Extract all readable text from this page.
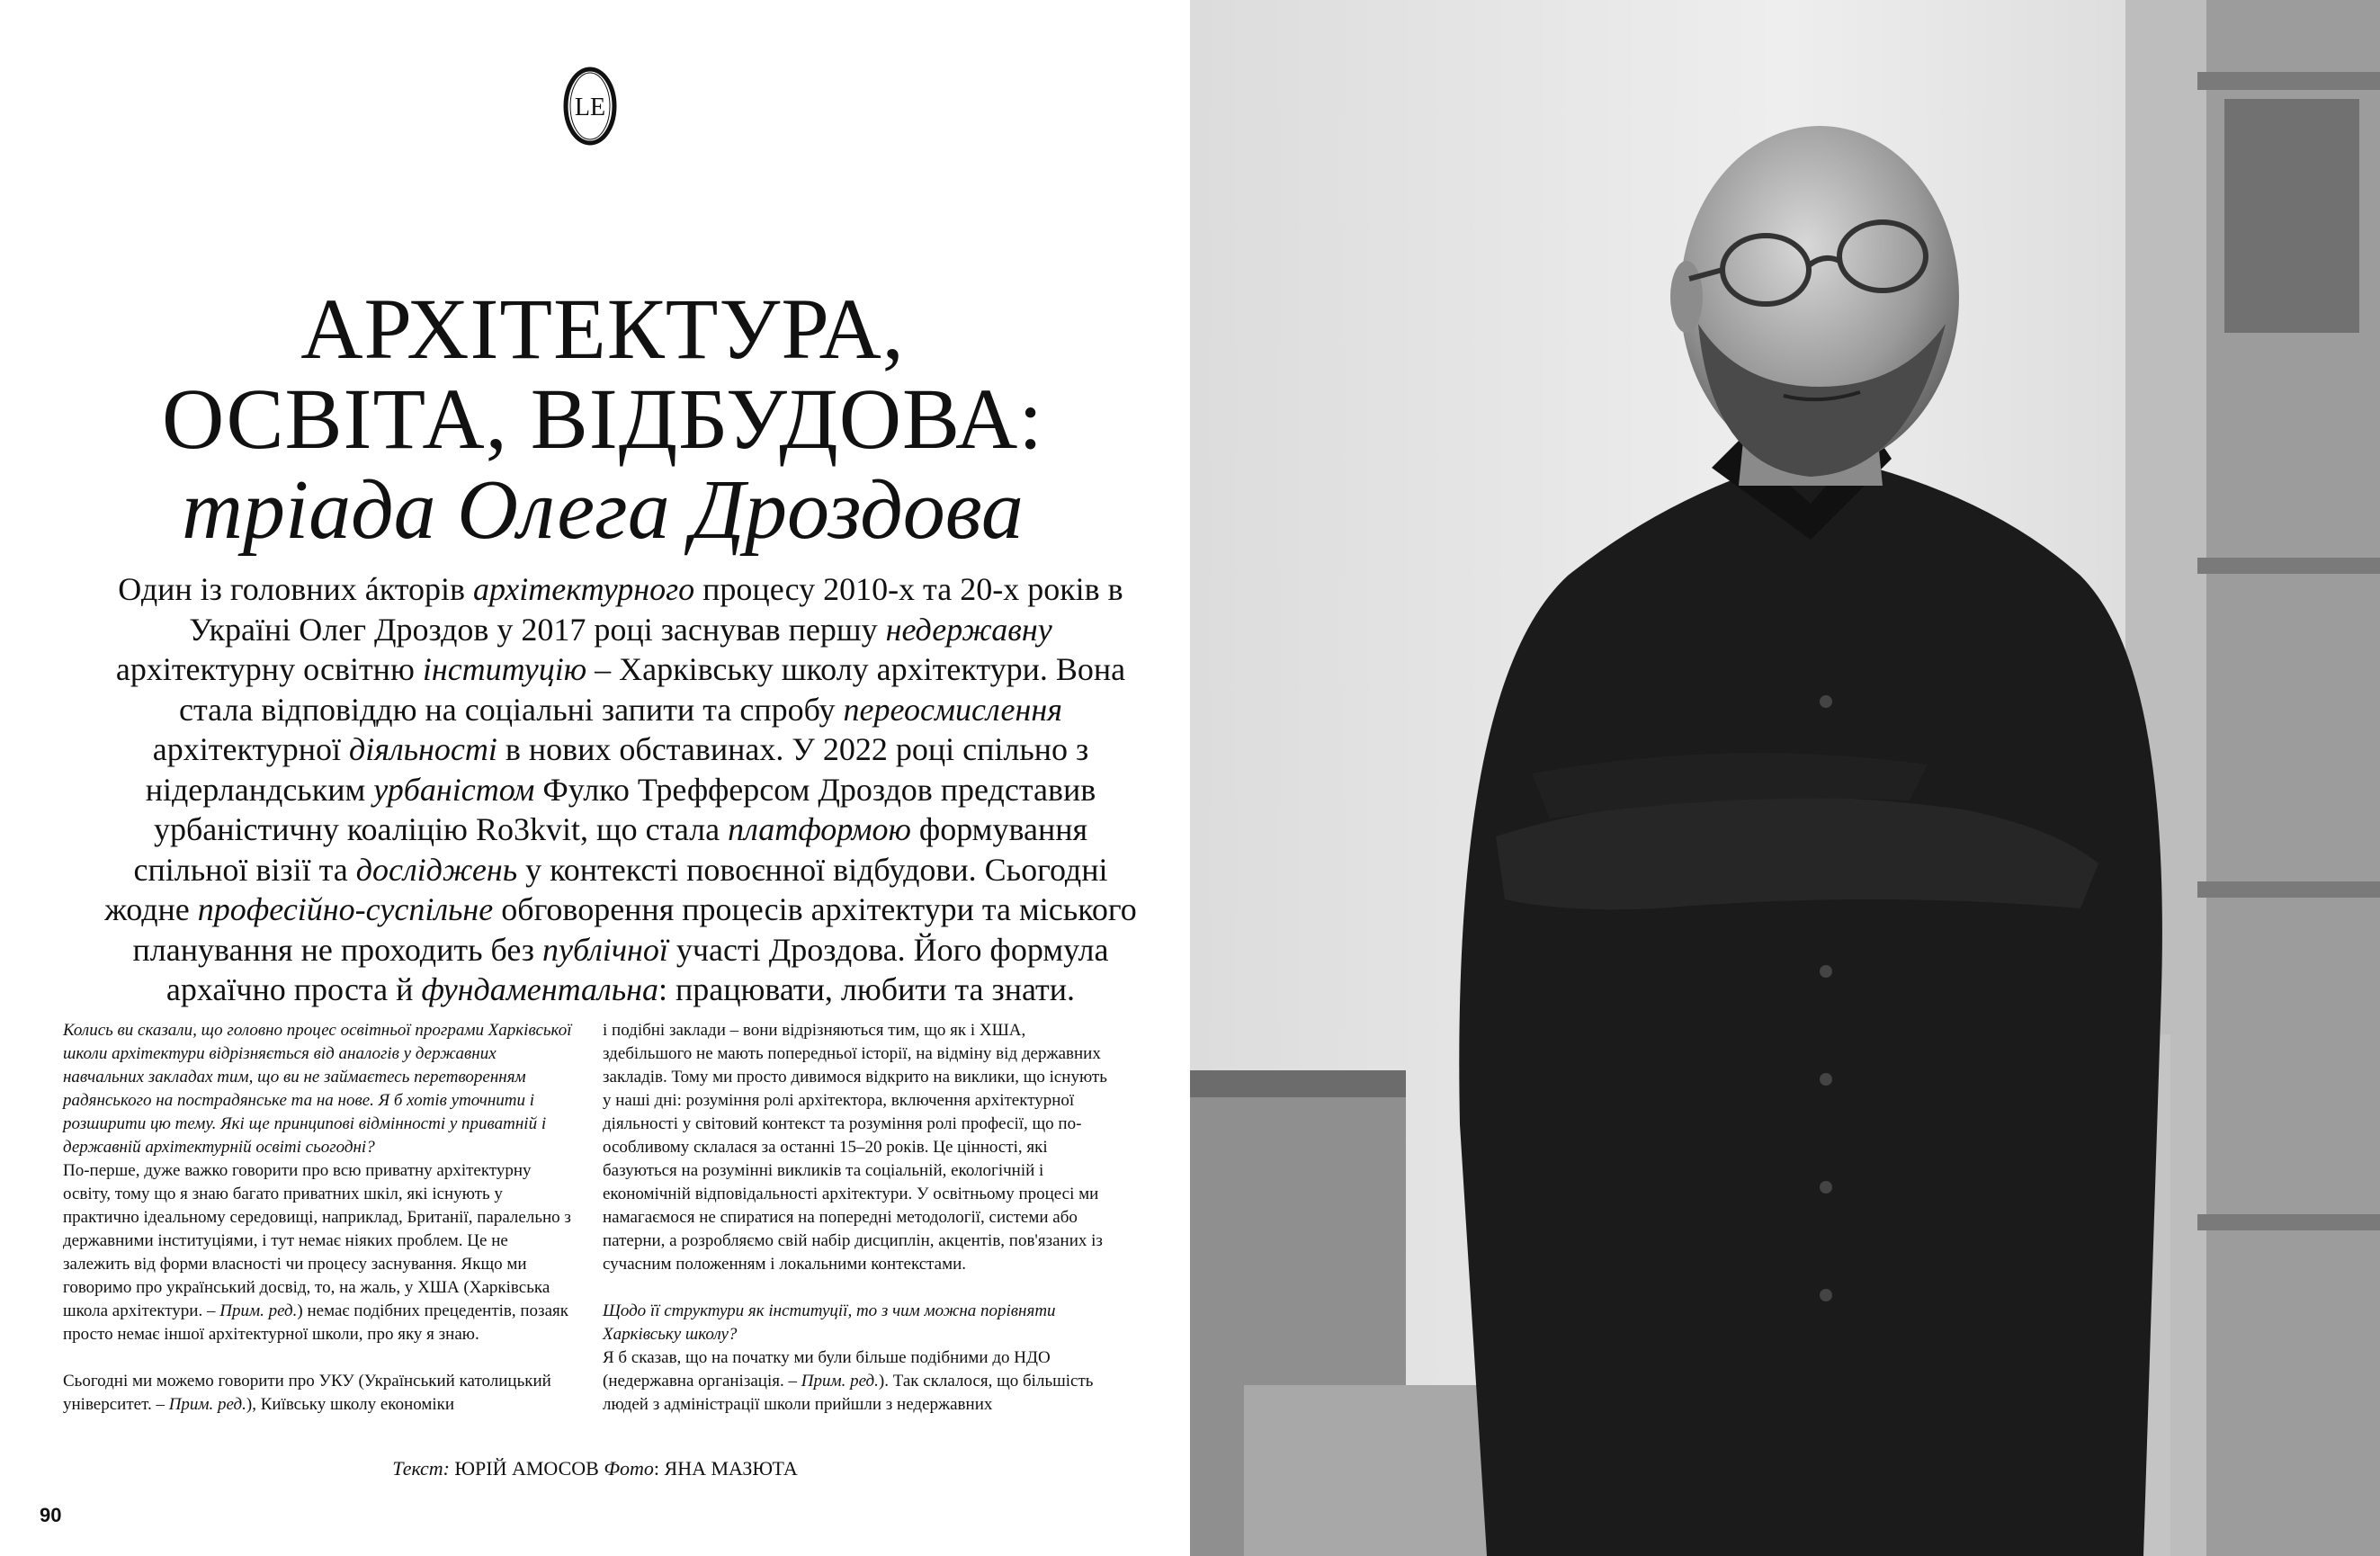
LE
АРХІТЕКТУРА,
ОСВІТА, ВІДБУДОВА:
тріада Олега Дроздова
Один із головних áкторів архітектурного процесу 2010-х та 20-х років в Україні Олег Дроздов у 2017 році заснував першу недержавну архітектурну освітню інституцію – Харківську школу архітектури. Вона стала відповіддю на соціальні запити та спробу переосмислення архітектурної діяльності в нових обставинах. У 2022 році спільно з нідерландським урбаністом Фулко Трефферсом Дроздов представив урбаністичну коаліцію Ro3kvit, що стала платформою формування спільної візії та досліджень у контексті повоєнної відбудови. Сьогодні жодне професійно-суспільне обговорення процесів архітектури та міського планування не проходить без публічної участі Дроздова. Його формула архаїчно проста й фундаментальна: працювати, любити та знати.

Колись ви сказали, що головно процес освітньої програми Харківської школи архітектури відрізняється від аналогів у державних навчальних закладах тим, що ви не займаєтесь перетворенням радянського на пострадянське та на нове. Я б хотів уточнити і розширити цю тему. Які ще принципові відмінності у приватній і державній архітектурній освіті сьогодні?

По-перше, дуже важко говорити про всю приватну архітектурну освіту, тому що я знаю багато приватних шкіл, які існують у практично ідеальному середовищі, наприклад, Британії, паралельно з державними інституціями, і тут немає ніяких проблем. Це не залежить від форми власності чи процесу заснування. Якщо ми говоримо про український досвід, то, на жаль, у ХША (Харківська школа архітектури. – Прим. ред.) немає подібних прецедентів, позаяк просто немає іншої архітектурної школи, про яку я знаю.

Сьогодні ми можемо говорити про УКУ (Український католицький університет. – Прим. ред.), Київську школу економіки

і подібні заклади – вони відрізняються тим, що як і ХША, здебільшого не мають попередньої історії, на відміну від державних закладів. Тому ми просто дивимося відкрито на виклики, що існують у наші дні: розуміння ролі архітектора, включення архітектурної діяльності у світовий контекст та розуміння ролі професії, що по-особливому склалася за останні 15–20 років. Це цінності, які базуються на розумінні викликів та соціальній, екологічній і економічній відповідальності архітектури. У освітньому процесі ми намагаємося не спиратися на попередні методології, системи або патерни, а розробляємо свій набір дисциплін, акцентів, пов'язаних із сучасним положенням і локальними контекстами.

Щодо її структури як інституції, то з чим можна порівняти Харківську школу?

Я б сказав, що на початку ми були більше подібними до НДО (недержавна організація. – Прим. ред.). Так склалося, що більшість людей з адміністрації школи прийшли з недержавних

Текст: ЮРІЙ АМОСОВ Фото: ЯНА МАЗЮТА
90
